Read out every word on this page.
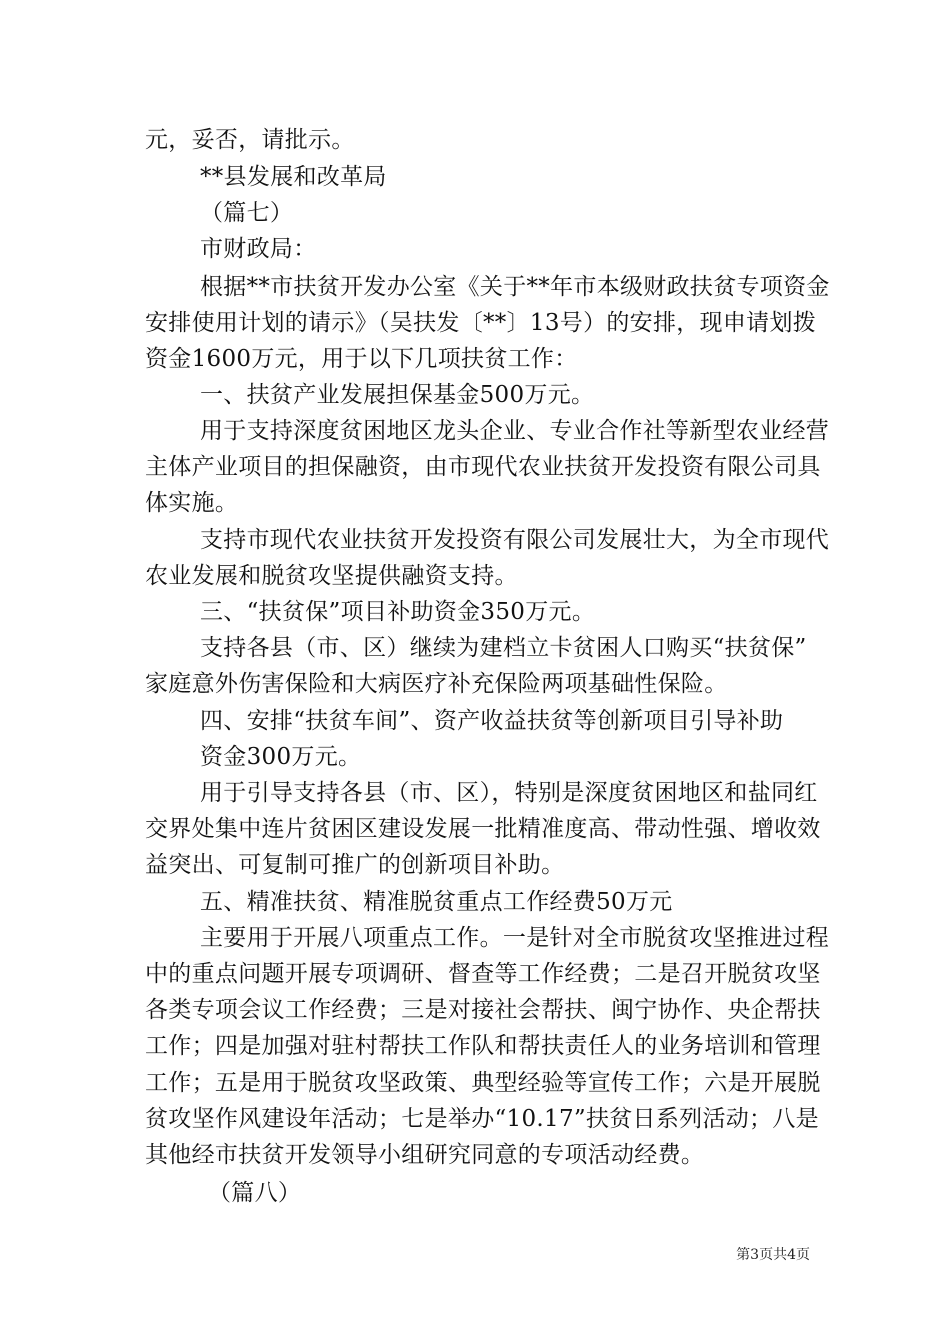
元，妥否，请批示。
**县发展和改革局
（篇七）
市财政局：
根据**市扶贫开发办公室《关于**年市本级财政扶贫专项资金
安排使用计划的请示》（吴扶发〔**〕13号）的安排，现申请划拨
资金1600万元，用于以下几项扶贫工作：
一、扶贫产业发展担保基金500万元。
用于支持深度贫困地区龙头企业、专业合作社等新型农业经营
主体产业项目的担保融资，由市现代农业扶贫开发投资有限公司具
体实施。
支持市现代农业扶贫开发投资有限公司发展壮大，为全市现代
农业发展和脱贫攻坚提供融资支持。
三、“扶贫保”项目补助资金350万元。
支持各县（市、区）继续为建档立卡贫困人口购买“扶贫保”
家庭意外伤害保险和大病医疗补充保险两项基础性保险。
四、安排“扶贫车间”、资产收益扶贫等创新项目引导补助
资金300万元。
用于引导支持各县（市、区），特别是深度贫困地区和盐同红
交界处集中连片贫困区建设发展一批精准度高、带动性强、增收效
益突出、可复制可推广的创新项目补助。
五、精准扶贫、精准脱贫重点工作经费50万元
主要用于开展八项重点工作。一是针对全市脱贫攻坚推进过程
中的重点问题开展专项调研、督查等工作经费；二是召开脱贫攻坚
各类专项会议工作经费；三是对接社会帮扶、闽宁协作、央企帮扶
工作；四是加强对驻村帮扶工作队和帮扶责任人的业务培训和管理
工作；五是用于脱贫攻坚政策、典型经验等宣传工作；六是开展脱
贫攻坚作风建设年活动；七是举办“10.17”扶贫日系列活动；八是
其他经市扶贫开发领导小组研究同意的专项活动经费。
（篇八）
第3页共4页
